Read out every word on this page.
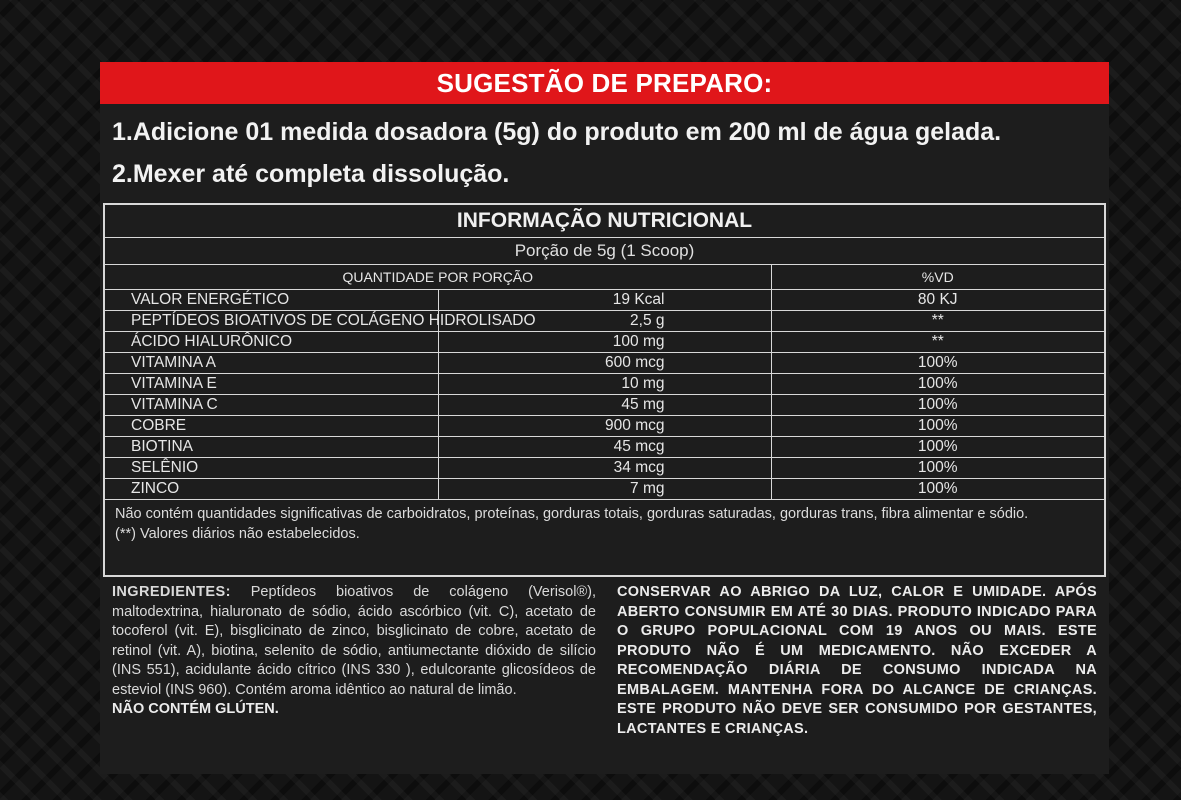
SUGESTÃO DE PREPARO:
1.Adicione 01 medida dosadora (5g) do produto em 200 ml de água gelada.
2.Mexer até completa dissolução.
INFORMAÇÃO NUTRICIONAL
Porção de 5g (1 Scoop)
QUANTIDADE POR PORÇÃO		%VD
VALOR ENERGÉTICO	19 Kcal	80 KJ
PEPTÍDEOS BIOATIVOS DE COLÁGENO HIDROLISADO	2,5 g	**
ÁCIDO HIALURÔNICO	100 mg	**
VITAMINA A	600 mcg	100%
VITAMINA E	10 mg	100%
VITAMINA C	45 mg	100%
COBRE	900 mcg	100%
BIOTINA	45 mcg	100%
SELÊNIO	34 mcg	100%
ZINCO	7 mg	100%

Não contém quantidades significativas de carboidratos, proteínas, gorduras totais, gorduras saturadas, gorduras trans, fibra alimentar e sódio.

(**) Valores diários não estabelecidos.

INGREDIENTES: Peptídeos bioativos de colágeno (Verisol®), maltodextrina, hialuronato de sódio, ácido ascórbico (vit. C), acetato de tocoferol (vit. E), bisglicinato de zinco, bisglicinato de cobre, acetato de retinol (vit. A), biotina, selenito de sódio, antiumectante dióxido de silício (INS 551), acidulante ácido cítrico (INS 330 ), edulcorante glicosídeos de esteviol (INS 960). Contém aroma idêntico ao natural de limão.
NÃO CONTÉM GLÚTEN.
CONSERVAR AO ABRIGO DA LUZ, CALOR E UMIDADE. APÓS ABERTO CONSUMIR EM ATÉ 30 DIAS. PRODUTO INDICADO PARA O GRUPO POPULACIONAL COM 19 ANOS OU MAIS. ESTE PRODUTO NÃO É UM MEDICAMENTO. NÃO EXCEDER A RECOMENDAÇÃO DIÁRIA DE CONSUMO INDICADA NA EMBALAGEM. MANTENHA FORA DO ALCANCE DE CRIANÇAS. ESTE PRODUTO NÃO DEVE SER CONSUMIDO POR GESTANTES, LACTANTES E CRIANÇAS.
